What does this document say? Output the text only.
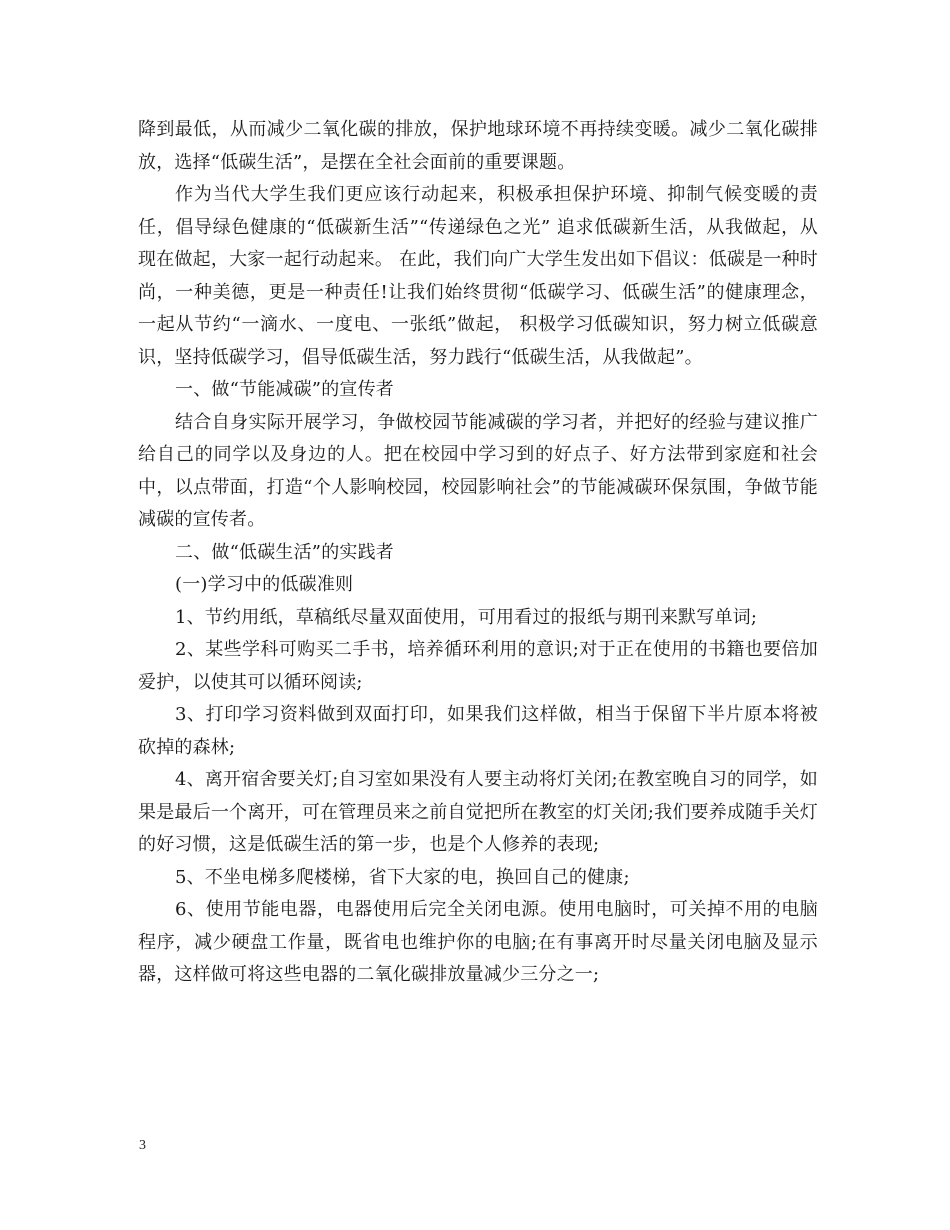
降到最低，从而减少二氧化碳的排放，保护地球环境不再持续变暖。减少二氧化碳排放，选择“低碳生活”，是摆在全社会面前的重要课题。

作为当代大学生我们更应该行动起来，积极承担保护环境、抑制气候变暖的责任，倡导绿色健康的“低碳新生活”“传递绿色之光” 追求低碳新生活，从我做起，从现在做起，大家一起行动起来。 在此，我们向广大学生发出如下倡议：低碳是一种时尚，一种美德，更是一种责任!让我们始终贯彻“低碳学习、低碳生活”的健康理念，一起从节约“一滴水、一度电、一张纸”做起， 积极学习低碳知识，努力树立低碳意识，坚持低碳学习，倡导低碳生活，努力践行“低碳生活，从我做起”。

一、做“节能减碳”的宣传者

结合自身实际开展学习，争做校园节能减碳的学习者，并把好的经验与建议推广给自己的同学以及身边的人。把在校园中学习到的好点子、好方法带到家庭和社会中，以点带面，打造“个人影响校园，校园影响社会”的节能减碳环保氛围，争做节能减碳的宣传者。

二、做“低碳生活”的实践者

(一)学习中的低碳准则

1、节约用纸，草稿纸尽量双面使用，可用看过的报纸与期刊来默写单词;

2、某些学科可购买二手书，培养循环利用的意识;对于正在使用的书籍也要倍加爱护，以使其可以循环阅读;

3、打印学习资料做到双面打印，如果我们这样做，相当于保留下半片原本将被砍掉的森林;

4、离开宿舍要关灯;自习室如果没有人要主动将灯关闭;在教室晚自习的同学，如果是最后一个离开，可在管理员来之前自觉把所在教室的灯关闭;我们要养成随手关灯的好习惯，这是低碳生活的第一步，也是个人修养的表现;

5、不坐电梯多爬楼梯，省下大家的电，换回自己的健康;

6、使用节能电器，电器使用后完全关闭电源。使用电脑时，可关掉不用的电脑程序，减少硬盘工作量，既省电也维护你的电脑;在有事离开时尽量关闭电脑及显示器，这样做可将这些电器的二氧化碳排放量减少三分之一;

3
